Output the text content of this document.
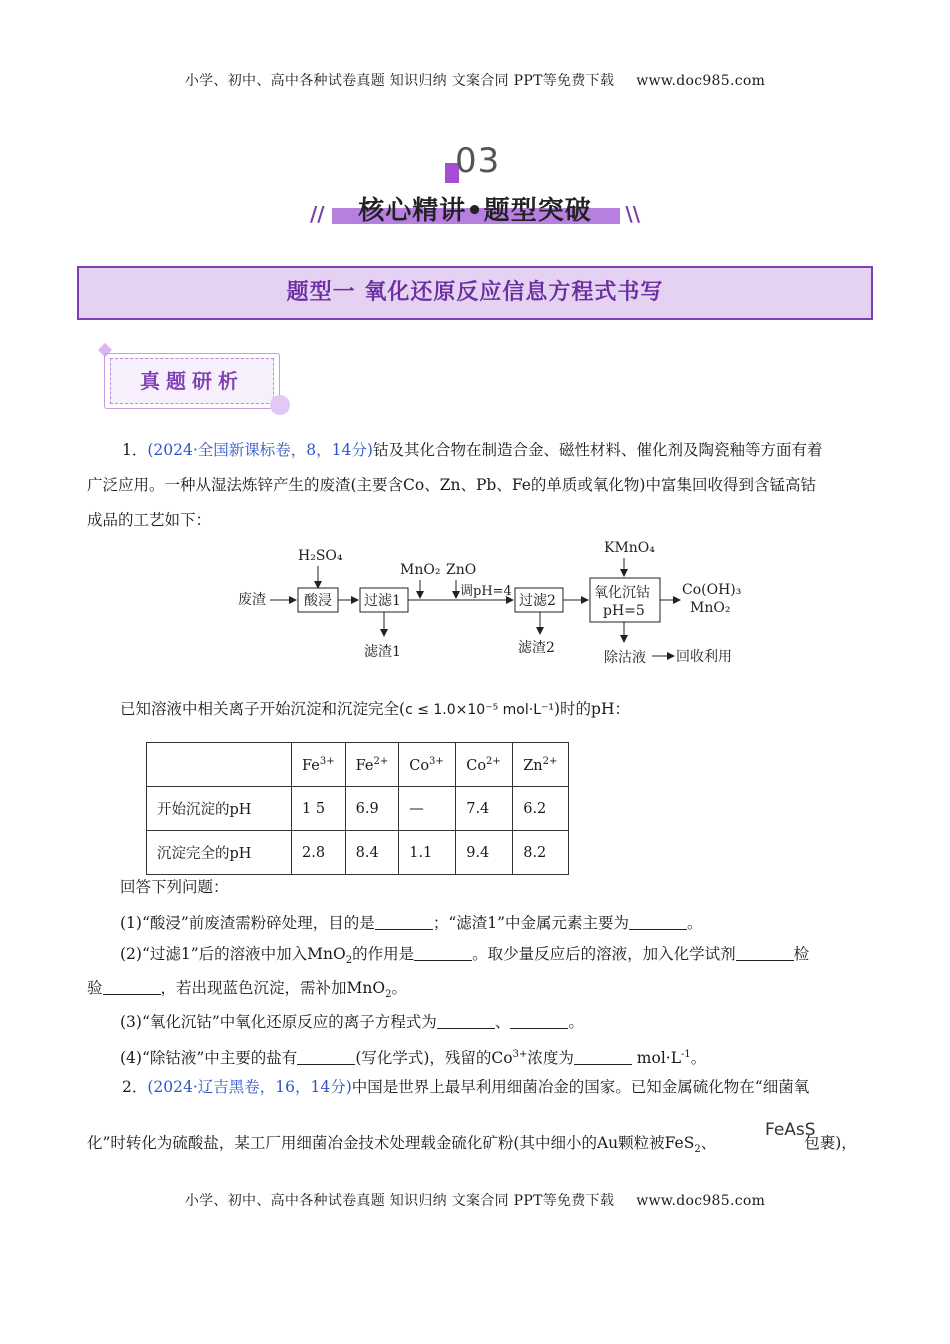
小学、初中、高中各种试卷真题 知识归纳 文案合同 PPT等免费下载 www.doc985.com
03
//	核心精讲•题型突破	\\
题型一 氧化还原反应信息方程式书写
真题研析
1．(2024·全国新课标卷，8，14分)钴及其化合物在制造合金、磁性材料、催化剂及陶瓷釉等方面有着
广泛应用。一种从湿法炼锌产生的废渣(主要含Co、Zn、Pb、Fe的单质或氧化物)中富集回收得到含锰高钴
成品的工艺如下：
废渣
H₂SO₄
酸浸 过滤1
滤渣1
MnO₂ ZnO
调pH=4
过滤2
滤渣2
KMnO₄
氧化沉钴
pH=5
Co(OH)₃
MnO₂
除沽液 回收利用
已知溶液中相关离子开始沉淀和沉淀完全(c ≤ 1.0×10⁻⁵ mol·L⁻¹)时的pH：
	$Fe^{3+}$	$Fe^{2+}$	$Co^{3+}$	$Co^{2+}$	$Zn^{2+}$
开始沉淀的pH	1 5	6.9	—	7.4	6.2
沉淀完全的pH	2.8	8.4	1.1	9.4	8.2
回答下列问题：
(1)“酸浸”前废渣需粉碎处理，目的是	；“滤渣1”中金属元素主要为	。
(2)“过滤1”后的溶液中加入MnO$_2$的作用是	。取少量反应后的溶液，加入化学试剂	检
验	，若出现蓝色沉淀，需补加MnO$_2$。
(3)“氧化沉钴”中氧化还原反应的离子方程式为	、	。
(4)“除钴液”中主要的盐有	(写化学式)，残留的$Co^{3+}$浓度为	$mol\cdot L^{-1}$。
2．(2024·辽吉黑卷，16，14分)中国是世界上最早利用细菌冶金的国家。已知金属硫化物在“细菌氧
化”时转化为硫酸盐，某工厂用细菌冶金技术处理载金硫化矿粉(其中细小的Au颗粒被FeS$_2$、	包裹)，
FeAsS
小学、初中、高中各种试卷真题 知识归纳 文案合同 PPT等免费下载 www.doc985.com
